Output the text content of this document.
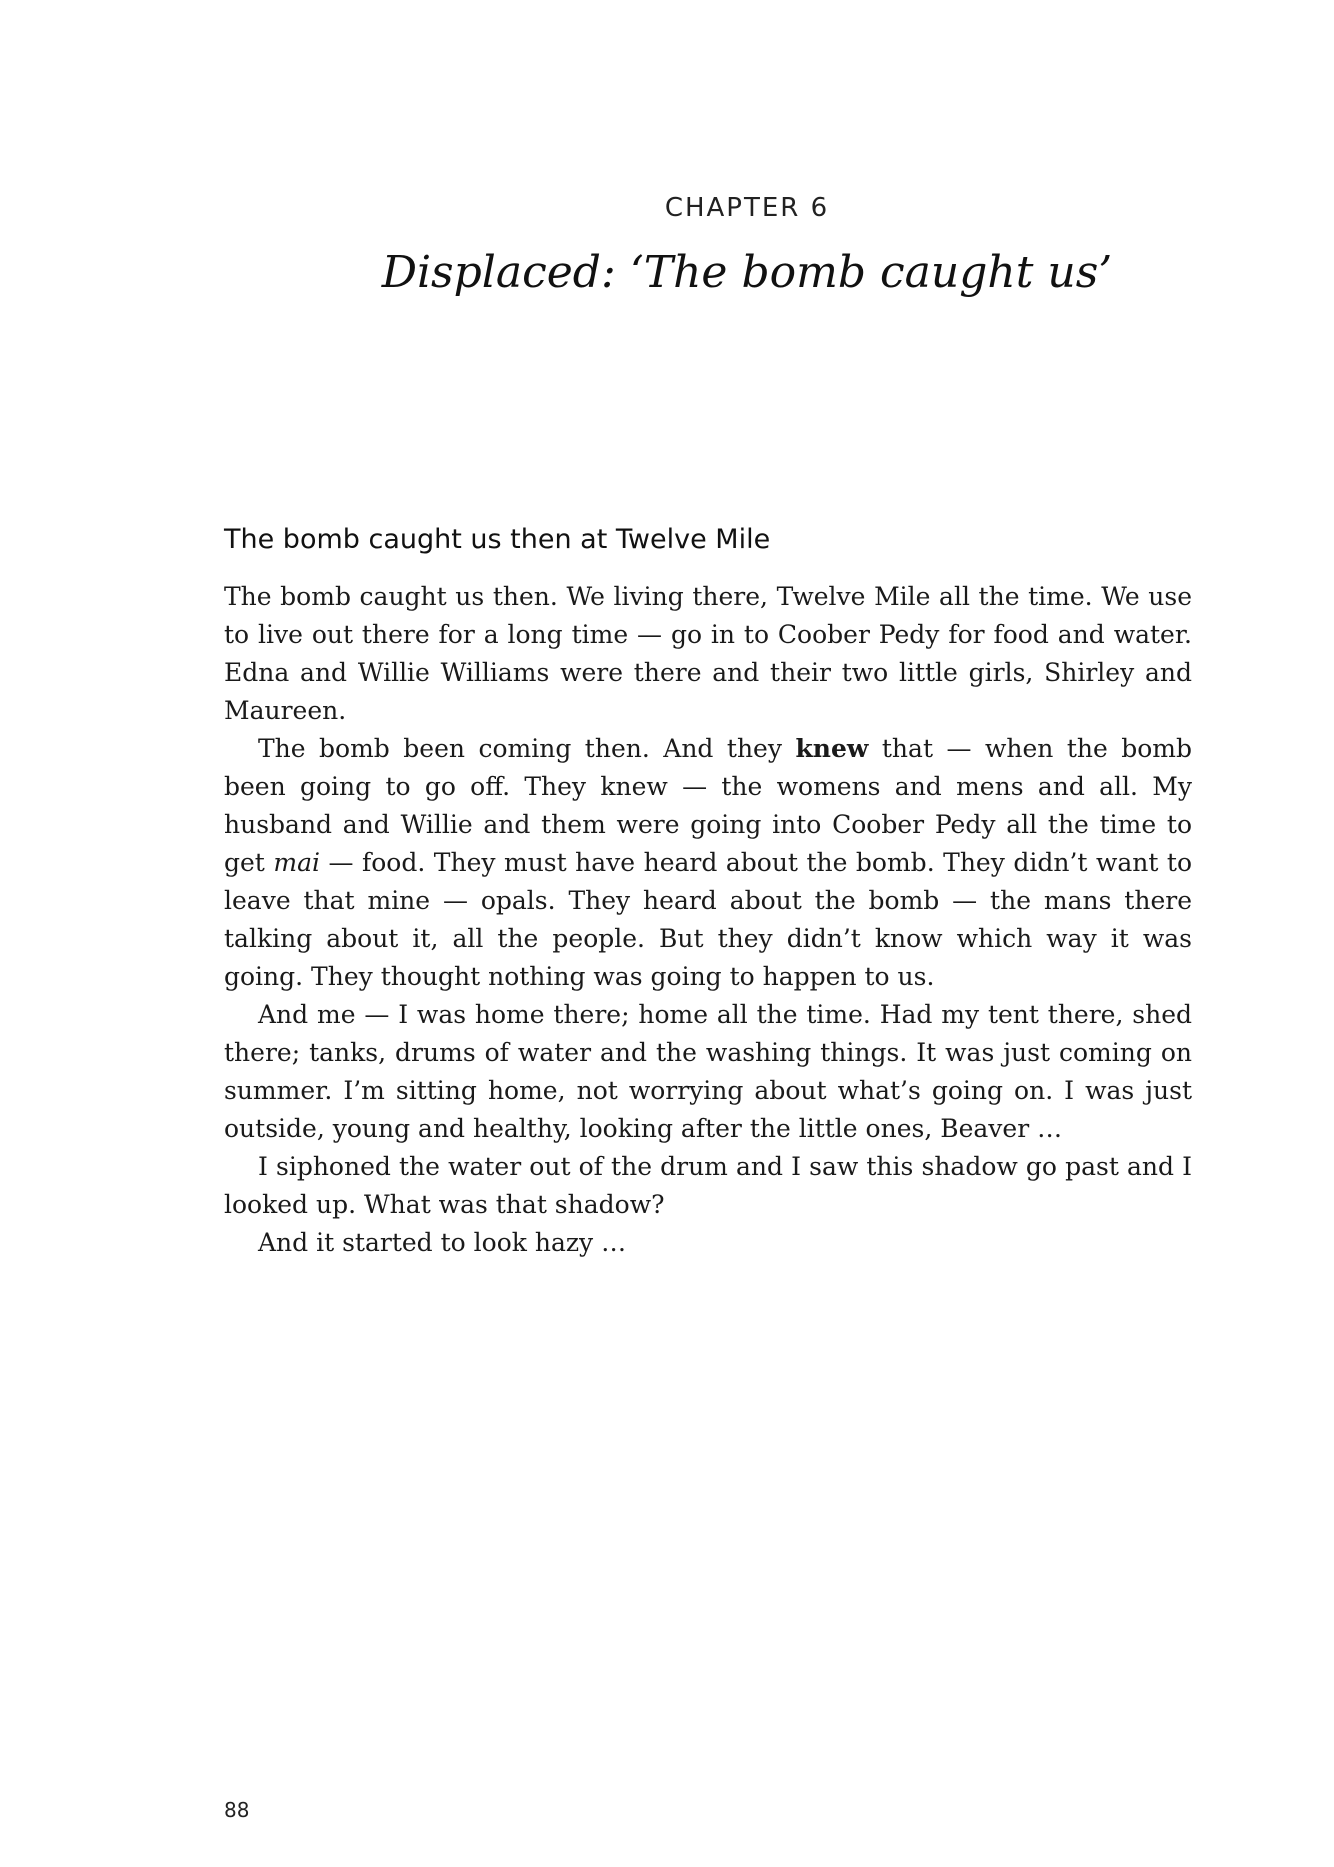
CHAPTER 6
Displaced: ‘The bomb caught us’
The bomb caught us then at Twelve Mile

The bomb caught us then. We living there, Twelve Mile all the time. We use to live out there for a long time — go in to Coober Pedy for food and water. Edna and Willie Williams were there and their two little girls, Shirley and Maureen.

The bomb been coming then. And they knew that — when the bomb been going to go off. They knew — the womens and mens and all. My husband and Willie and them were going into Coober Pedy all the time to get mai — food. They must have heard about the bomb. They didn’t want to leave that mine — opals. They heard about the bomb — the mans there talking about it, all the people. But they didn’t know which way it was going. They thought nothing was going to happen to us.

And me — I was home there; home all the time. Had my tent there, shed there; tanks, drums of water and the washing things. It was just coming on summer. I’m sitting home, not worrying about what’s going on. I was just outside, young and healthy, looking after the little ones, Beaver …

I siphoned the water out of the drum and I saw this shadow go past and I looked up. What was that shadow?

And it started to look hazy …

88
